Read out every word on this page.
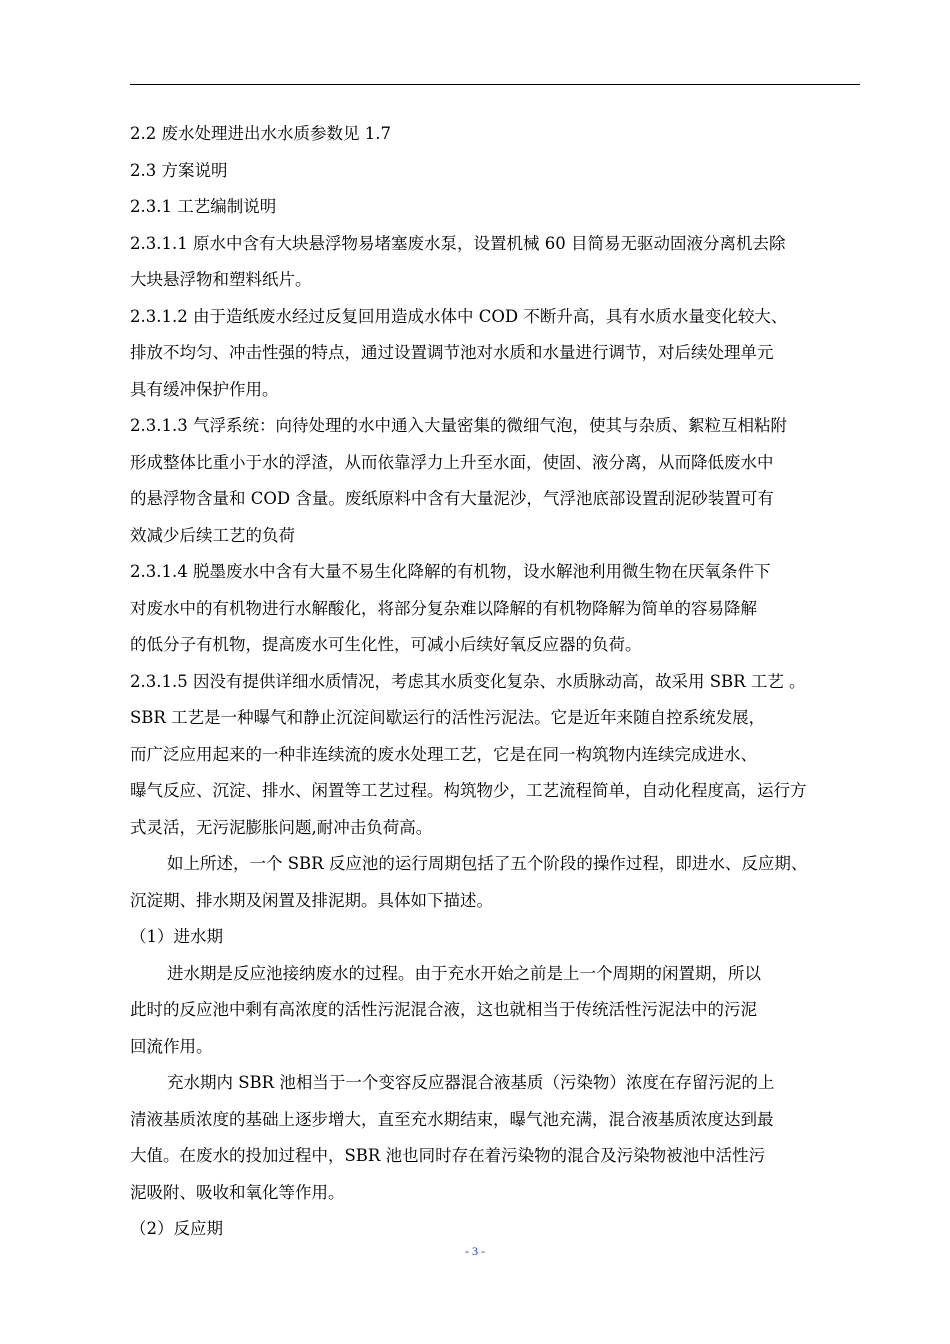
2.2 废水处理进出水水质参数见 1.7

2.3 方案说明

2.3.1 工艺编制说明

2.3.1.1 原水中含有大块悬浮物易堵塞废水泵，设置机械 60 目简易无驱动固液分离机去除

大块悬浮物和塑料纸片。

2.3.1.2 由于造纸废水经过反复回用造成水体中 COD 不断升高，具有水质水量变化较大、

排放不均匀、冲击性强的特点，通过设置调节池对水质和水量进行调节，对后续处理单元

具有缓冲保护作用。

2.3.1.3 气浮系统：向待处理的水中通入大量密集的微细气泡，使其与杂质、絮粒互相粘附

形成整体比重小于水的浮渣，从而依靠浮力上升至水面，使固、液分离，从而降低废水中

的悬浮物含量和 COD 含量。废纸原料中含有大量泥沙，气浮池底部设置刮泥砂装置可有

效减少后续工艺的负荷

2.3.1.4 脱墨废水中含有大量不易生化降解的有机物，设水解池利用微生物在厌氧条件下

对废水中的有机物进行水解酸化，将部分复杂难以降解的有机物降解为简单的容易降解

的低分子有机物，提高废水可生化性，可减小后续好氧反应器的负荷。

2.3.1.5 因没有提供详细水质情况，考虑其水质变化复杂、水质脉动高，故采用 SBR 工艺 。

SBR 工艺是一种曝气和静止沉淀间歇运行的活性污泥法。它是近年来随自控系统发展，

而广泛应用起来的一种非连续流的废水处理工艺，它是在同一构筑物内连续完成进水、

曝气反应、沉淀、排水、闲置等工艺过程。构筑物少，工艺流程简单，自动化程度高，运行方

式灵活，无污泥膨胀问题,耐冲击负荷高。

如上所述，一个 SBR 反应池的运行周期包括了五个阶段的操作过程，即进水、反应期、

沉淀期、排水期及闲置及排泥期。具体如下描述。

（1）进水期

进水期是反应池接纳废水的过程。由于充水开始之前是上一个周期的闲置期，所以

此时的反应池中剩有高浓度的活性污泥混合液，这也就相当于传统活性污泥法中的污泥

回流作用。

充水期内 SBR 池相当于一个变容反应器混合液基质（污染物）浓度在存留污泥的上

清液基质浓度的基础上逐步增大，直至充水期结束，曝气池充满，混合液基质浓度达到最

大值。在废水的投加过程中，SBR 池也同时存在着污染物的混合及污染物被池中活性污

泥吸附、吸收和氧化等作用。

（2）反应期

- 3 -
